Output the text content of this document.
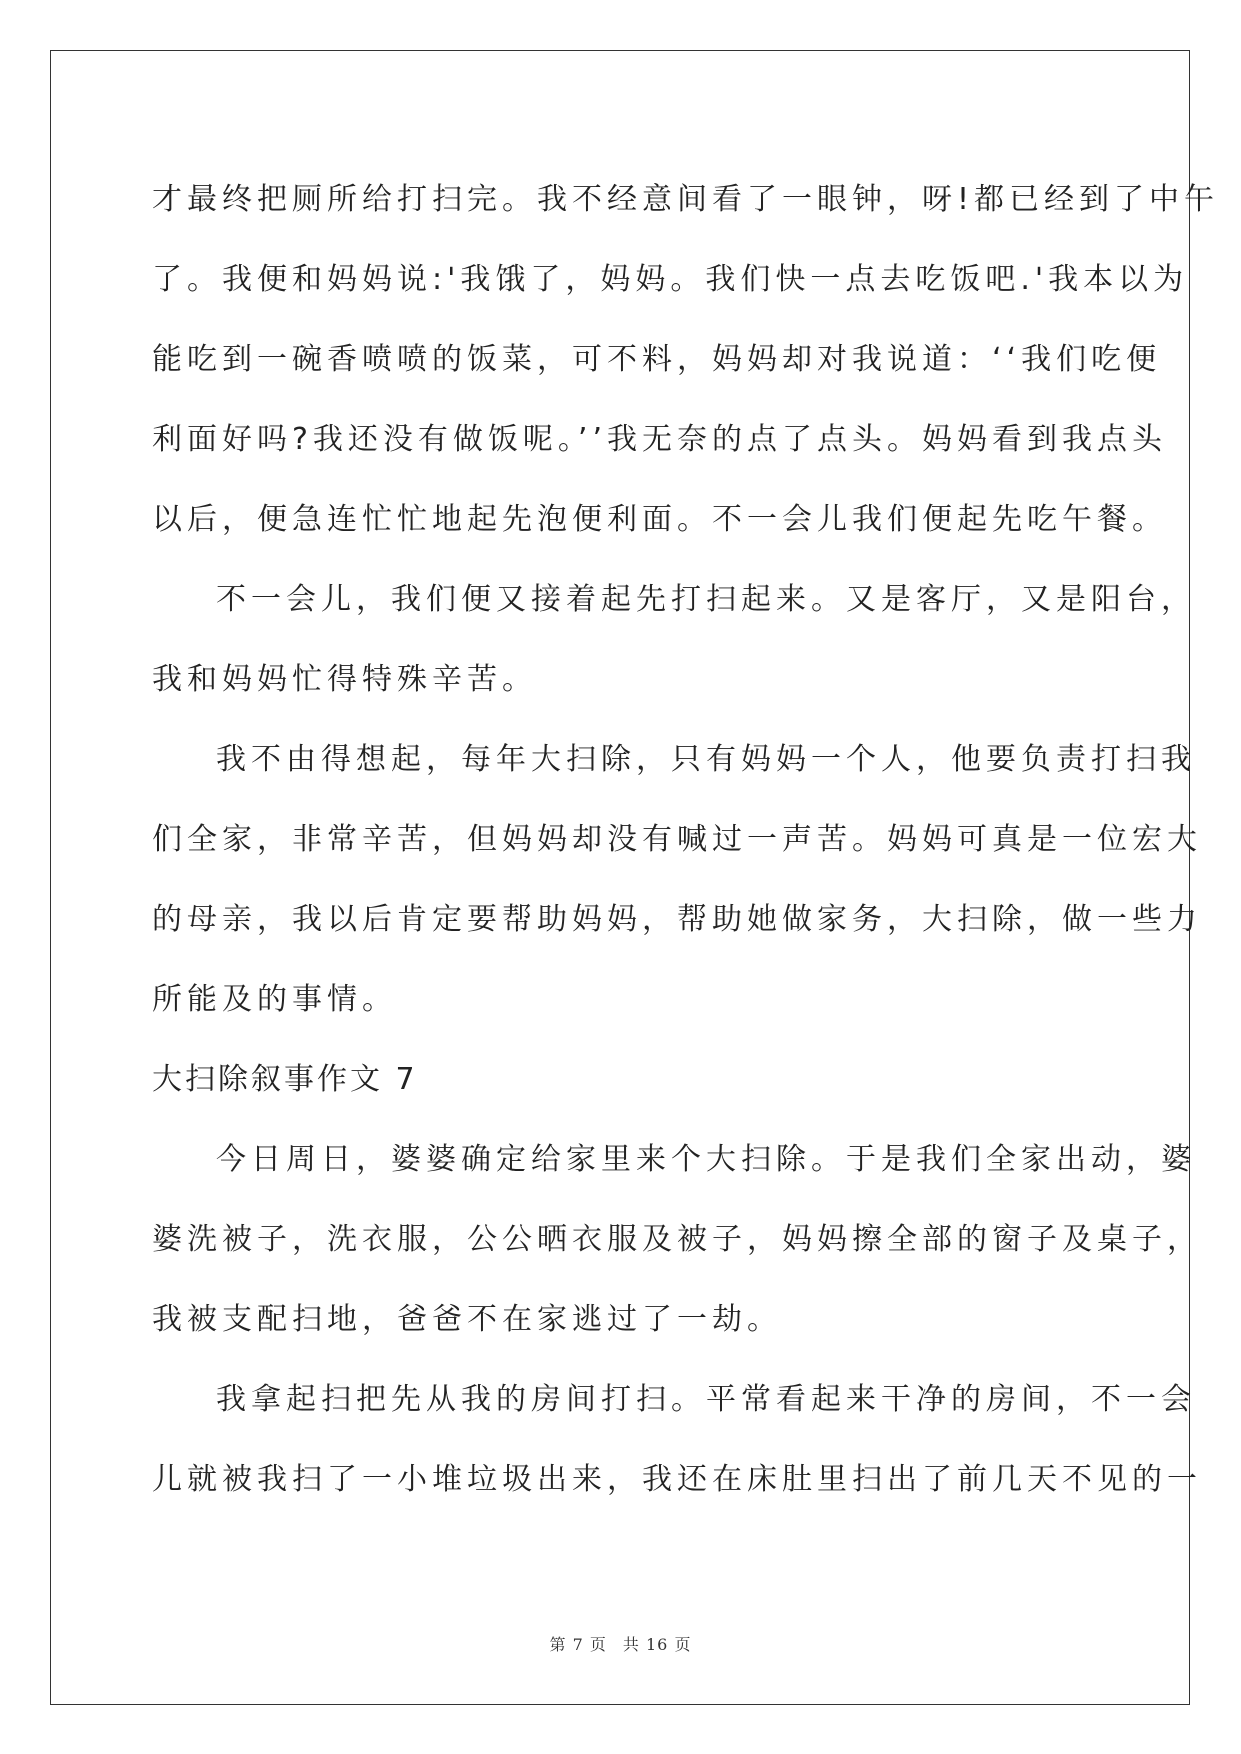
才最终把厕所给打扫完。我不经意间看了一眼钟，呀!都已经到了中午
了。我便和妈妈说:'我饿了，妈妈。我们快一点去吃饭吧.'我本以为
能吃到一碗香喷喷的饭菜，可不料，妈妈却对我说道：‘‘我们吃便
利面好吗?我还没有做饭呢。’’我无奈的点了点头。妈妈看到我点头
以后，便急连忙忙地起先泡便利面。不一会儿我们便起先吃午餐。
不一会儿，我们便又接着起先打扫起来。又是客厅，又是阳台，
我和妈妈忙得特殊辛苦。
我不由得想起，每年大扫除，只有妈妈一个人，他要负责打扫我
们全家，非常辛苦，但妈妈却没有喊过一声苦。妈妈可真是一位宏大
的母亲，我以后肯定要帮助妈妈，帮助她做家务，大扫除，做一些力
所能及的事情。
大扫除叙事作文 7
今日周日，婆婆确定给家里来个大扫除。于是我们全家出动，婆
婆洗被子，洗衣服，公公晒衣服及被子，妈妈擦全部的窗子及桌子，
我被支配扫地，爸爸不在家逃过了一劫。
我拿起扫把先从我的房间打扫。平常看起来干净的房间，不一会
儿就被我扫了一小堆垃圾出来，我还在床肚里扫出了前几天不见的一
第 7 页 共 16 页
